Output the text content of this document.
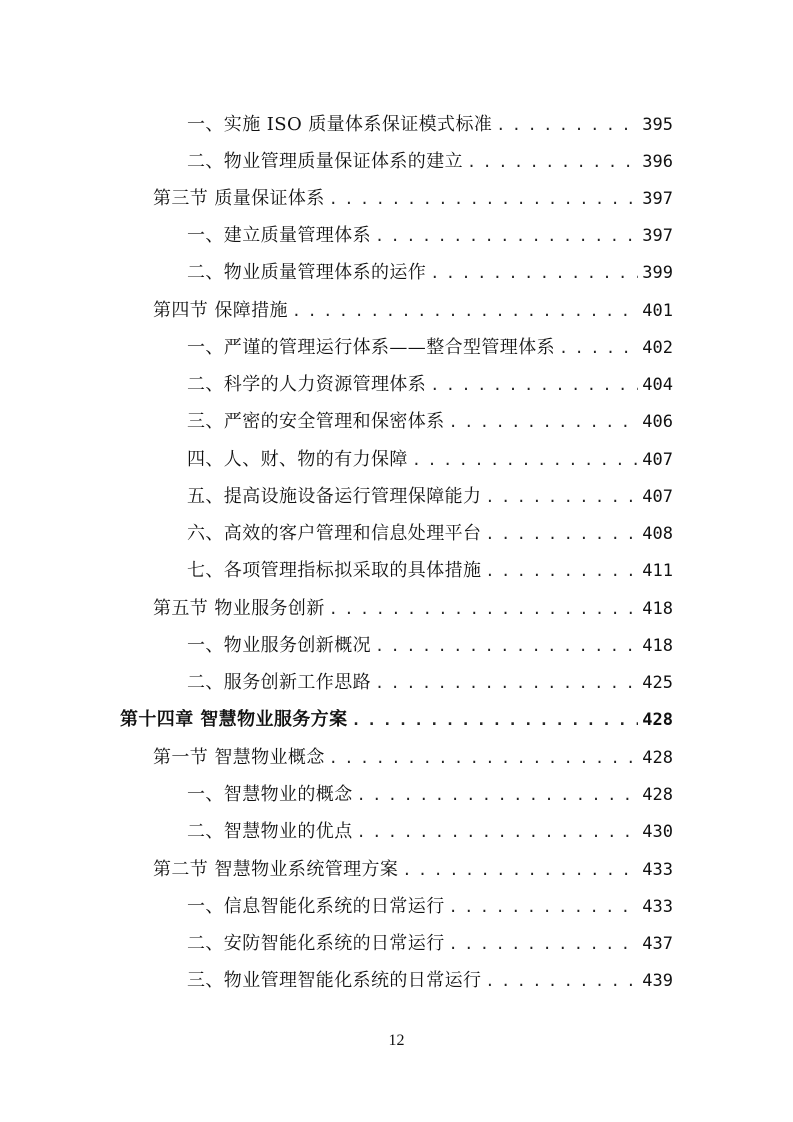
一、实施 ISO 质量体系保证模式标准 . . .	395
二、物业管理质量保证体系的建立 . . .	396
第三节 质量保证体系 . . .	397
一、建立质量管理体系 . . .	397
二、物业质量管理体系的运作 . . .	399
第四节 保障措施 . . .	401
一、严谨的管理运行体系——整合型管理体系 . . .	402
二、科学的人力资源管理体系 . . .	404
三、严密的安全管理和保密体系 . . .	406
四、人、财、物的有力保障 . . .	407
五、提高设施设备运行管理保障能力 . . .	407
六、高效的客户管理和信息处理平台 . . .	408
七、各项管理指标拟采取的具体措施 . . .	411
第五节 物业服务创新 . . .	418
一、物业服务创新概况 . . .	418
二、服务创新工作思路 . . .	425
第十四章 智慧物业服务方案 . . .	428
第一节 智慧物业概念 . . .	428
一、智慧物业的概念 . . .	428
二、智慧物业的优点 . . .	430
第二节 智慧物业系统管理方案 . . .	433
一、信息智能化系统的日常运行 . . .	433
二、安防智能化系统的日常运行 . . .	437
三、物业管理智能化系统的日常运行 . . .	439
12
